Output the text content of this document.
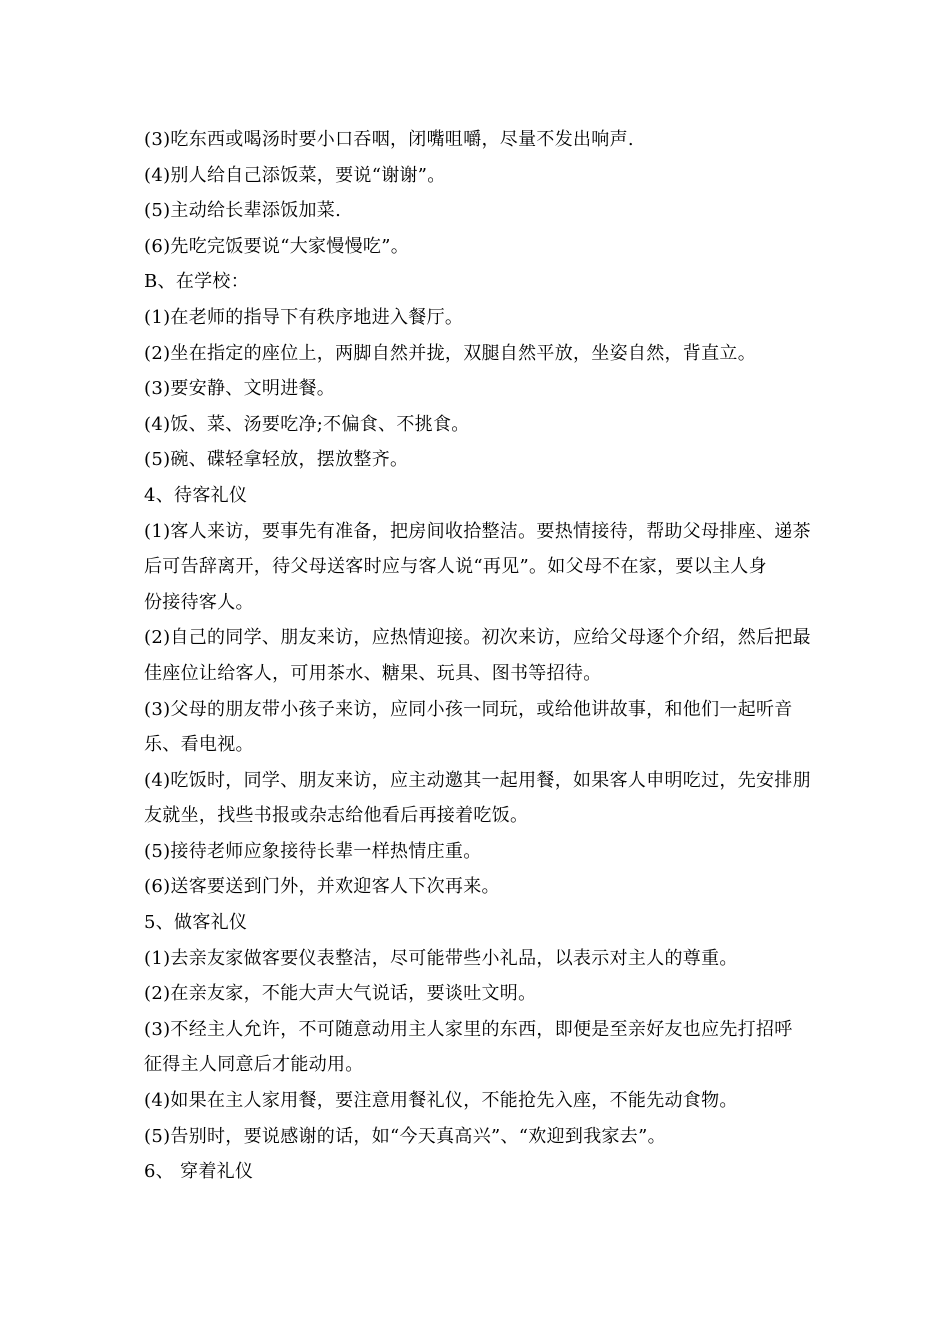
(3)吃东西或喝汤时要小口吞咽，闭嘴咀嚼，尽量不发出响声.

(4)别人给自己添饭菜，要说“谢谢”。

(5)主动给长辈添饭加菜.

(6)先吃完饭要说“大家慢慢吃”。

B、在学校：

(1)在老师的指导下有秩序地进入餐厅。

(2)坐在指定的座位上，两脚自然并拢，双腿自然平放，坐姿自然，背直立。

(3)要安静、文明进餐。

(4)饭、菜、汤要吃净;不偏食、不挑食。

(5)碗、碟轻拿轻放，摆放整齐。

4、待客礼仪

(1)客人来访，要事先有准备，把房间收拾整洁。要热情接待，帮助父母排座、递茶

后可告辞离开，待父母送客时应与客人说“再见”。如父母不在家，要以主人身

份接待客人。

(2)自己的同学、朋友来访，应热情迎接。初次来访，应给父母逐个介绍，然后把最

佳座位让给客人，可用茶水、糖果、玩具、图书等招待。

(3)父母的朋友带小孩子来访，应同小孩一同玩，或给他讲故事，和他们一起听音

乐、看电视。

(4)吃饭时，同学、朋友来访，应主动邀其一起用餐，如果客人申明吃过，先安排朋

友就坐，找些书报或杂志给他看后再接着吃饭。

(5)接待老师应象接待长辈一样热情庄重。

(6)送客要送到门外，并欢迎客人下次再来。

5、做客礼仪

(1)去亲友家做客要仪表整洁，尽可能带些小礼品，以表示对主人的尊重。

(2)在亲友家，不能大声大气说话，要谈吐文明。

(3)不经主人允许，不可随意动用主人家里的东西，即便是至亲好友也应先打招呼

征得主人同意后才能动用。

(4)如果在主人家用餐，要注意用餐礼仪，不能抢先入座，不能先动食物。

(5)告别时，要说感谢的话，如“今天真高兴”、“欢迎到我家去”。

6、 穿着礼仪
